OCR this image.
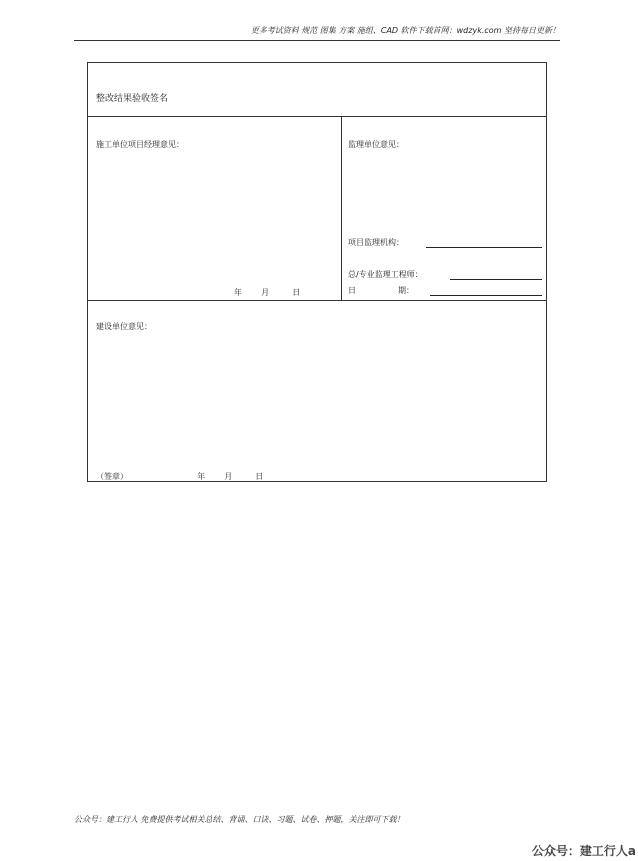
更多考试资料 规范 图集 方案 施组、CAD 软件下载首网：wdzyk.com 坚持每日更新！
整改结果验收签名
施工单位项目经理意见：
年 月	日
监理单位意见：
项目监理机构：
总/专业监理工程师：
日	期：
建设单位意见：
（签章）	年 月	日
公众号：建工行人 免费提供考试相关总结、背诵、口诀、习题、试卷、押题，关注即可下载！
公众号：建工行人a
